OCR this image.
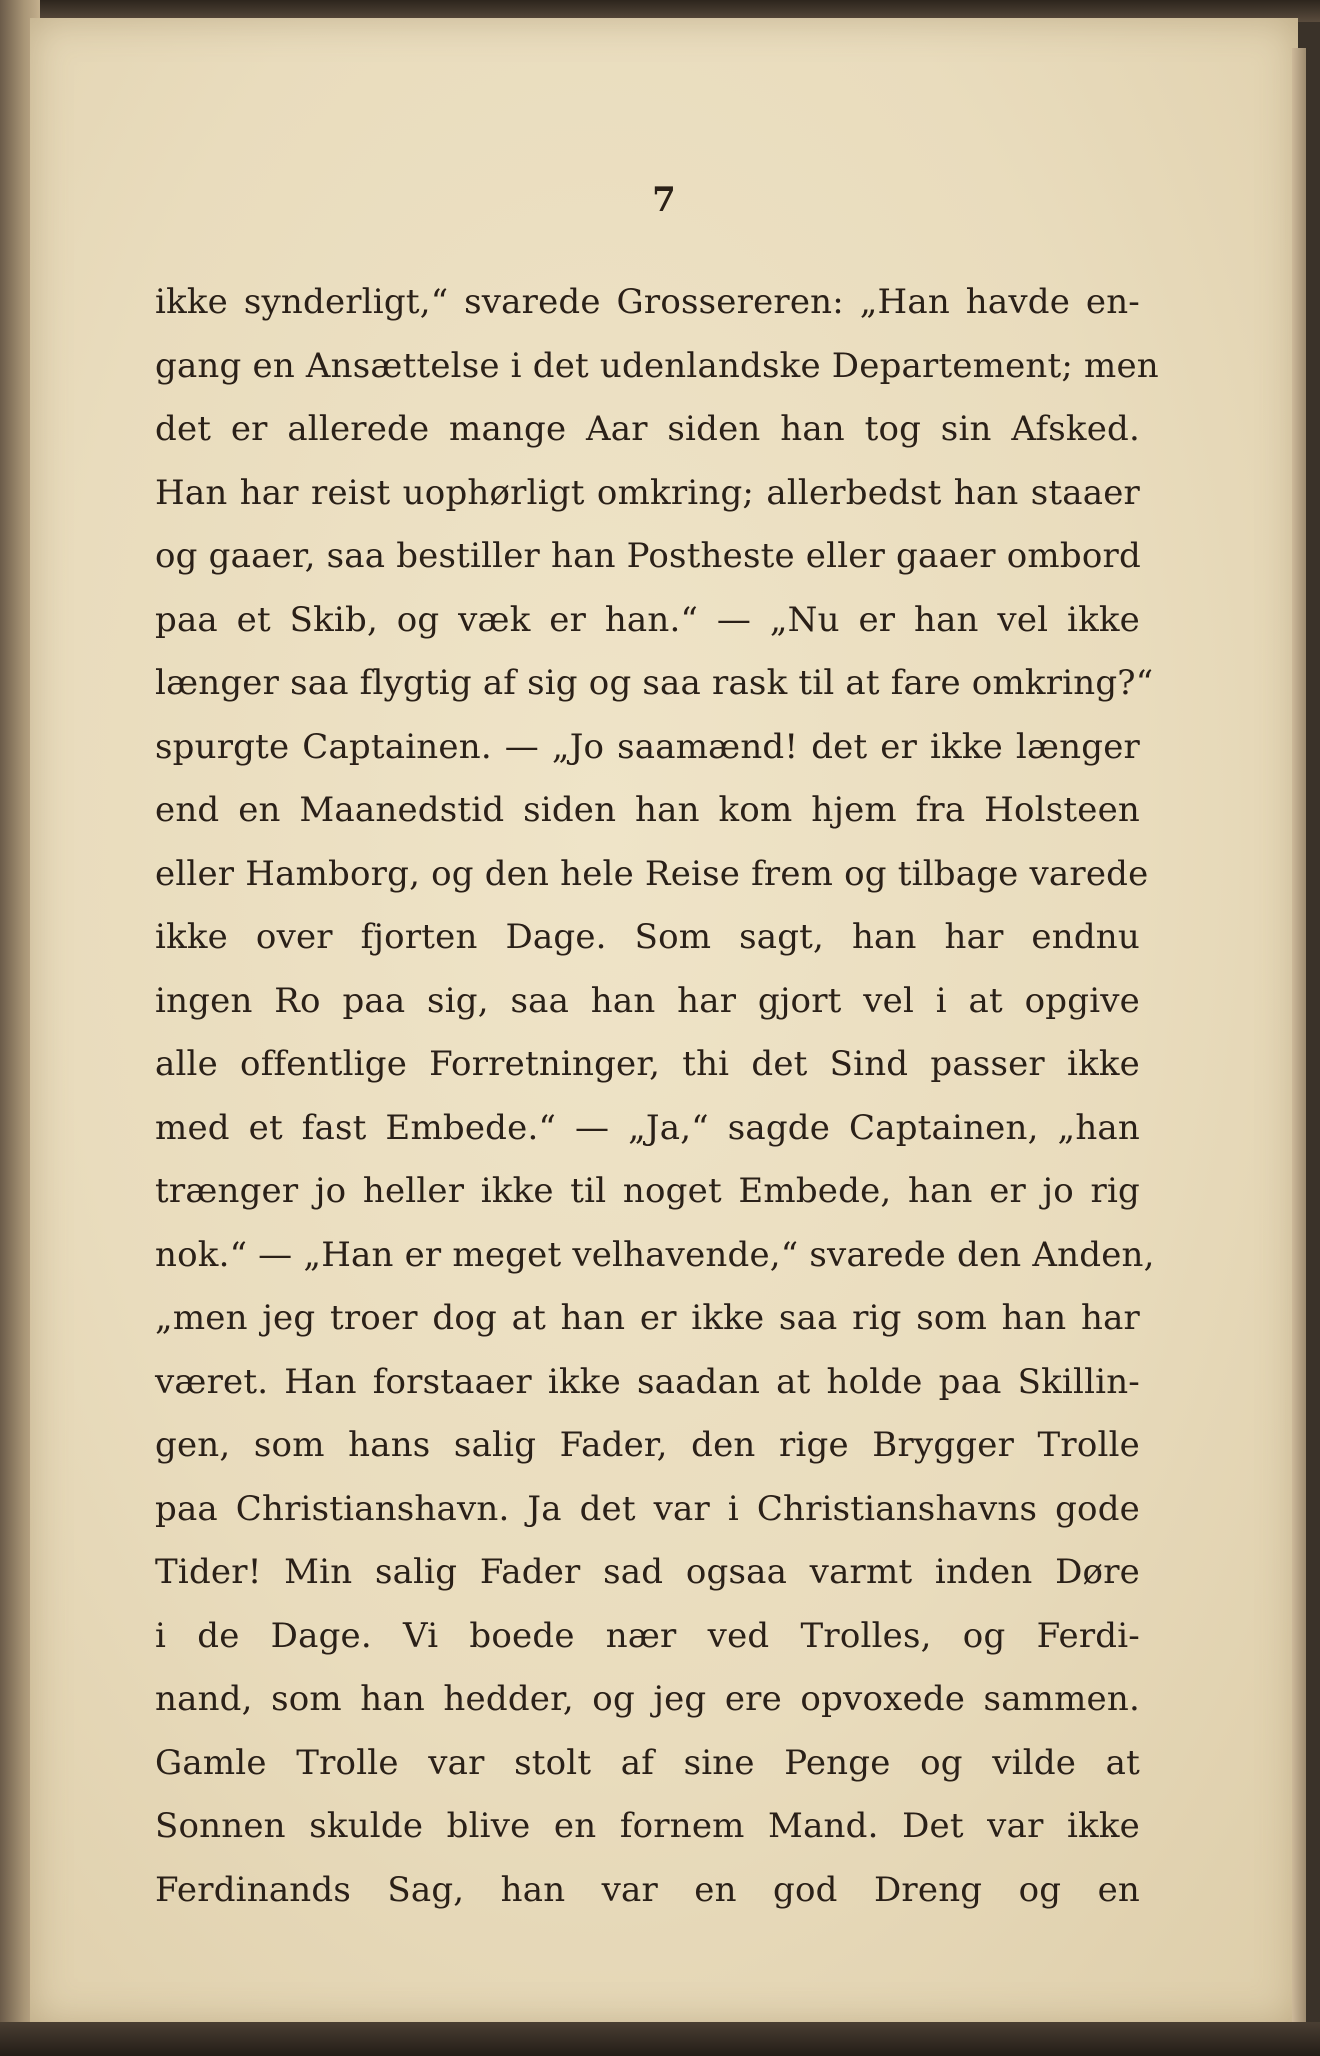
7
ikke synderligt,“ svarede Grossereren: „Han havde en‐
gang en Ansættelse i det udenlandske Departement; men
det er allerede mange Aar siden han tog sin Afsked.
Han har reist uophørligt omkring; allerbedst han staaer
og gaaer, saa bestiller han Postheste eller gaaer ombord
paa et Skib, og væk er han.“ — „Nu er han vel ikke
længer saa flygtig af sig og saa rask til at fare omkring?“
spurgte Captainen. — „Jo saamænd! det er ikke længer
end en Maanedstid siden han kom hjem fra Holsteen
eller Hamborg, og den hele Reise frem og tilbage varede
ikke over fjorten Dage. Som sagt, han har endnu
ingen Ro paa sig, saa han har gjort vel i at opgive
alle offentlige Forretninger, thi det Sind passer ikke
med et fast Embede.“ — „Ja,“ sagde Captainen, „han
trænger jo heller ikke til noget Embede, han er jo rig
nok.“ — „Han er meget velhavende,“ svarede den Anden,
„men jeg troer dog at han er ikke saa rig som han har
været. Han forstaaer ikke saadan at holde paa Skillin‐
gen, som hans salig Fader, den rige Brygger Trolle
paa Christianshavn. Ja det var i Christianshavns gode
Tider! Min salig Fader sad ogsaa varmt inden Døre
i de Dage. Vi boede nær ved Trolles, og Ferdi‐
nand, som han hedder, og jeg ere opvoxede sammen.
Gamle Trolle var stolt af sine Penge og vilde at
Sonnen skulde blive en fornem Mand. Det var ikke
Ferdinands Sag, han var en god Dreng og en
